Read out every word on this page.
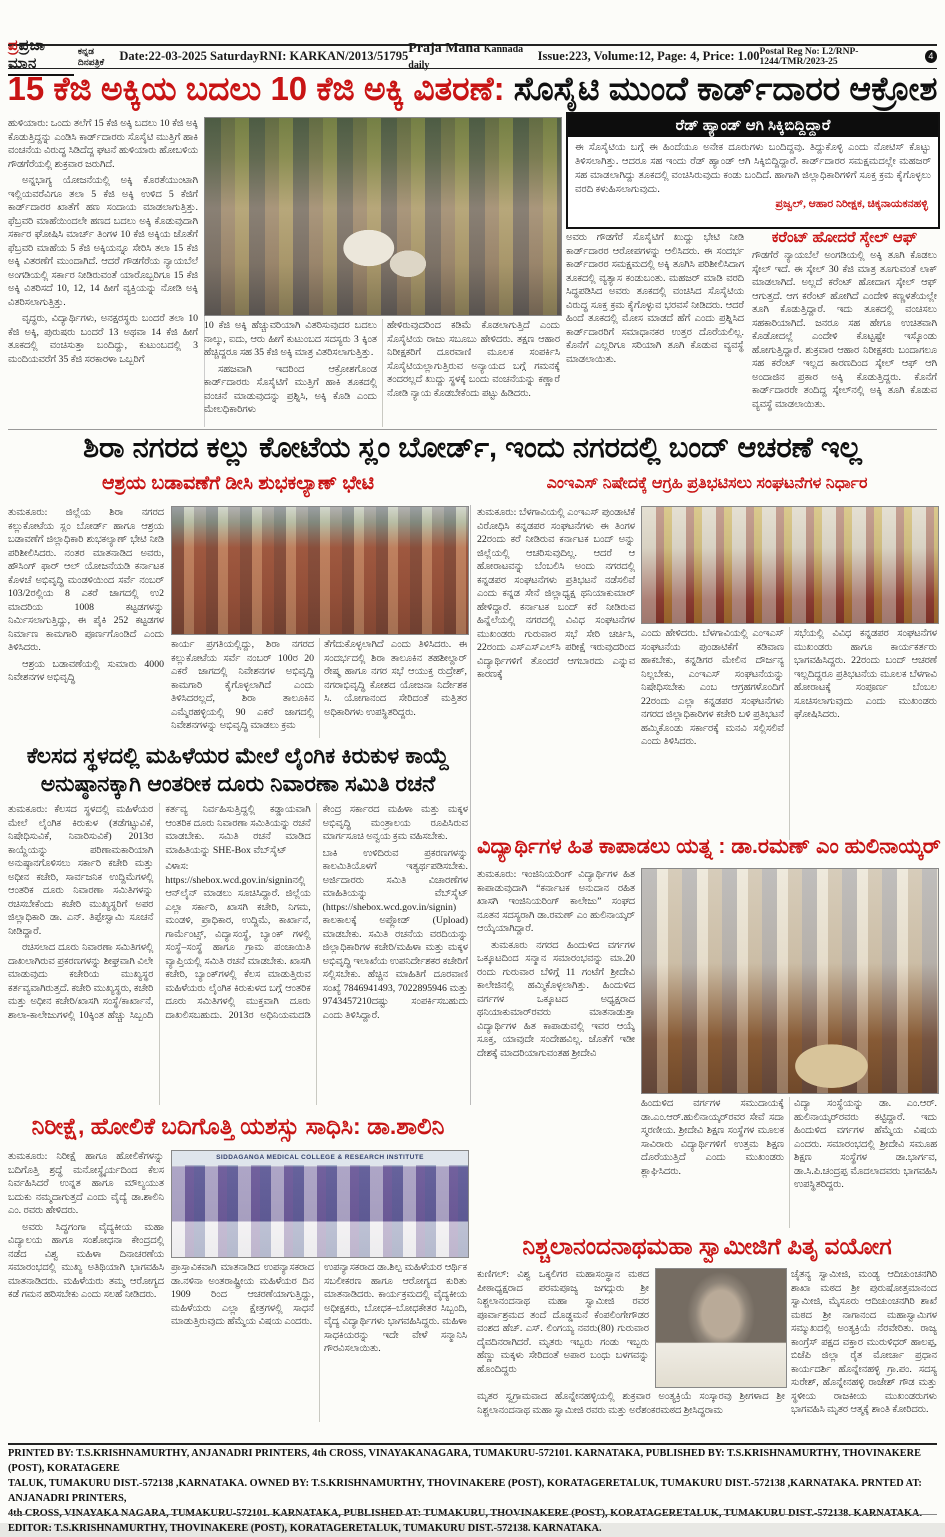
ಪ್ರಪ್ರಜಾ ಮಾನ
ಕನ್ನಡ ದಿನಪತ್ರಿಕೆ	Date:22-03-2025 Saturday RNI: KARKAN/2013/51795
Praja Mana Kannada daily
Issue:223, Volume:12, Page: 4, Price: 1.00 Postal Reg No: L2/RNP-1244/TMR/2023-25
4
15 ಕೆಜಿ ಅಕ್ಕಿಯ ಬದಲು 10 ಕೆಜಿ ಅಕ್ಕಿ ವಿತರಣೆ: ಸೊಸೈಟಿ ಮುಂದೆ ಕಾರ್ಡ್‌ದಾರರ ಆಕ್ರೋಶ

ಹುಳಿಯಾರು: ಒಂದು ತಲೆಗೆ 15 ಕೆಜಿ ಅಕ್ಕಿ ಬದಲು 10 ಕೆಜಿ ಅಕ್ಕಿ ಕೊಡುತ್ತಿದ್ದನ್ನು ಎಂಡಿಸಿ ಕಾರ್ಡ್‌ದಾರರು ಸೊಸೈಟಿ ಮುತ್ತಿಗೆ ಹಾಕಿ ವಂಚನೆಯ ವಿರುದ್ಧ ಸಿಡಿದೆದ್ದ ಘಟನೆ ಹುಳಿಯಾರು ಹೋಬಳಿಯ ಗೌಡಗೆರೆಯಲ್ಲಿ ಶುಕ್ರವಾರ ಜರುಗಿದೆ.

ಅನ್ನಭಾಗ್ಯ ಯೋಜನೆಯಲ್ಲಿ ಅಕ್ಕಿ ಕೊರತೆಯುಂಟಾಗಿ ಇಲ್ಲಿಯವರೆವಿಗೂ ತಲಾ 5 ಕೆಜಿ ಅಕ್ಕಿ ಉಳಿದ 5 ಕೆಜಿಗೆ ಕಾರ್ಡ್‌ದಾರರ ಖಾತೆಗೆ ಹಣ ಸಂದಾಯ ಮಾಡಲಾಗುತ್ತಿತ್ತು. ಫೆಬ್ರವರಿ ಮಾಹೆಯಿಂದಲೇ ಹಣದ ಬದಲು ಅಕ್ಕಿ ಕೊಡುವುದಾಗಿ ಸರ್ಕಾರ ಘೋಷಿಸಿ ಮಾರ್ಚ್ ತಿಂಗಳ 10 ಕೆಜಿ ಅಕ್ಕಿಯ ಜೊತೆಗೆ ಫೆಬ್ರವರಿ ಮಾಹೆಯ 5 ಕೆಜಿ ಅಕ್ಕಿಯನ್ನೂ ಸೇರಿಸಿ ತಲಾ 15 ಕೆಜಿ ಅಕ್ಕಿ ವಿತರಣೆಗೆ ಮುಂದಾಗಿದೆ. ಆದರೆ ಗೌಡಗೆರೆಯ ನ್ಯಾಯಬೆಲೆ ಅಂಗಡಿಯಲ್ಲಿ ಸರ್ಕಾರ ನೀಡಿರುವಂತೆ ಯಾರೊಬ್ಬರಿಗೂ 15 ಕೆಜಿ ಅಕ್ಕಿ ವಿತರಿಸದೆ 10, 12, 14 ಹೀಗೆ ವ್ಯಕ್ತಿಯನ್ನು ನೋಡಿ ಅಕ್ಕಿ ವಿತರಿಸಲಾಗುತ್ತಿತ್ತು.

ವೃದ್ಧರು, ವಿದ್ಯಾರ್ಥಿಗಳು, ಅನಕ್ಷರಸ್ಥರು ಬಂದರೆ ತಲಾ 10 ಕೆಜಿ ಅಕ್ಕಿ, ಪುರುಷರು ಬಂದರೆ 13 ಅಥವಾ 14 ಕೆಜಿ ಹೀಗೆ ತೂಕದಲ್ಲಿ ವಂಚಿಸುತ್ತಾ ಬಂದಿದ್ದು, ಕುಟುಂಬದಲ್ಲಿ 3 ಮಂದಿಯವರೆಗೆ 35 ಕೆಜಿ ಸರಕಾರಳಾ ಒಬ್ಬರಿಗೆ

10 ಕೆಜಿ ಅಕ್ಕಿ ಹೆಚ್ಚುವರಿಯಾಗಿ ವಿತರಿಸುವುದರ ಬದಲು ನಾಲ್ಕು, ಐದು, ಆರು ಹೀಗೆ ಕುಟುಂಬದ ಸದಸ್ಯರು 3 ಕ್ಕಿಂತ ಹೆಚ್ಚಿದ್ದರೂ ಸಹ 35 ಕೆಜಿ ಅಕ್ಕಿ ಮಾತ್ರ ವಿತರಿಸಲಾಗುತ್ತಿತ್ತು.

ಸಹಜವಾಗಿ ಇದರಿಂದ ಆಕ್ರೋಶಗೊಂಡ ಕಾರ್ಡ್‌ದಾರರು ಸೊಸೈಟಿಗೆ ಮುತ್ತಿಗೆ ಹಾಕಿ ತೂಕದಲ್ಲಿ ವಂಚನೆ ಮಾಡುವುದನ್ನು ಪ್ರಶ್ನಿಸಿ, ಅಕ್ಕಿ ಕೊಡಿ ಎಂದು ಮೇಲಧಿಕಾರಿಗಳು

ಹೇಳಿರುವುದರಿಂದ ಕಡಿಮೆ ಕೊಡಲಾಗುತ್ತಿದೆ ಎಂದು ಸೊಸೈಟಿಯ ರಾಜು ಸಬೂಬು ಹೇಳಿದರು. ತಕ್ಷಣ ಆಹಾರ ನಿರೀಕ್ಷಕರಿಗೆ ದೂರವಾಣಿ ಮೂಲಕ ಸಂಪರ್ಕಿಸಿ ಸೊಸೈಟಿಯಲ್ಲಾಗುತ್ತಿರುವ ಅನ್ಯಾಯದ ಬಗ್ಗೆ ಗಮನಕ್ಕೆ ತಂದರಲ್ಲದೆ ಖುದ್ದು ಸ್ಥಳಕ್ಕೆ ಬಂದು ವಂಚನೆಯನ್ನು ಕಣ್ಣಾರೆ ನೋಡಿ ನ್ಯಾಯ ಕೊಡಬೇಕೆಂದು ಪಟ್ಟು ಹಿಡಿದರು.

ರೆಡ್ ಹ್ಯಾಂಡ್ ಆಗಿ ಸಿಕ್ಕಿಬಿದ್ದಿದ್ದಾರೆ
ಈ ಸೊಸೈಟಿಯ ಬಗ್ಗೆ ಈ ಹಿಂದೆಯೂ ಅನೇಕ ದೂರುಗಳು ಬಂದಿದ್ದವು. ತಿದ್ದುಕೊಳ್ಳಿ ಎಂದು ನೋಟಿಸ್ ಕೊಟ್ಟು ತಿಳಿಸಲಾಗಿತ್ತು. ಆದರೂ ಸಹ ಇಂದು ರೆಡ್ ಹ್ಯಾಂಡ್ ಆಗಿ ಸಿಕ್ಕಿಬಿದ್ದಿದ್ದಾರೆ. ಕಾರ್ಡ್‌ದಾರರ ಸಮಕ್ಷಮದಲ್ಲೇ ಮಹಜರ್ ಸಹ ಮಾಡಲಾಗಿದ್ದು ತೂಕದಲ್ಲಿ ವಂಚಿಸಿರುವುದು ಕಂಡು ಬಂದಿದೆ. ಹಾಗಾಗಿ ಜಿಲ್ಲಾಧಿಕಾರಿಗಳಿಗೆ ಸೂಕ್ತ ಕ್ರಮ ಕೈಗೊಳ್ಳಲು ವರದಿ ಕಳುಹಿಸಲಾಗುವುದು.
ಪ್ರಜ್ವಲ್, ಆಹಾರ ನಿರೀಕ್ಷಕ, ಚಿಕ್ಕನಾಯಕನಹಳ್ಳಿ

ಅವರು ಗೌಡಗೆರೆ ಸೊಸೈಟಿಗೆ ಖುದ್ದು ಭೇಟಿ ನೀಡಿ ಕಾರ್ಡ್‌ದಾರರ ಆರೋಪಗಳನ್ನು ಆಲಿಸಿದರು. ಈ ಸಂದರ್ಭ ಕಾರ್ಡ್‌ದಾರರ ಸಮಕ್ಷಮದಲ್ಲಿ ಅಕ್ಕಿ ತೂಗಿಸಿ ಪರಿಶೀಲಿಸಿದಾಗ ತೂಕದಲ್ಲಿ ವ್ಯತ್ಯಾಸ ಕಂಡುಬಂತು. ಮಹಜರ್ ಮಾಡಿ ವರದಿ ಸಿದ್ಧಪಡಿಸಿದ ಅವರು ತೂಕದಲ್ಲಿ ವಂಚಿಸಿದ ಸೊಸೈಟಿಯ ವಿರುದ್ಧ ಸೂಕ್ತ ಕ್ರಮ ಕೈಗೊಳ್ಳುವ ಭರವಸೆ ನೀಡಿದರು. ಆದರೆ ಹಿಂದೆ ತೂಕದಲ್ಲಿ ಮೋಸ ಮಾಡದೆ ಹೆಗೆ ಎಂದು ಪ್ರಶ್ನಿಸಿದ ಕಾರ್ಡ್‌ದಾರರಿಗೆ ಸಮಾಧಾನಕರ ಉತ್ತರ ದೊರೆಯಲಿಲ್ಲ. ಕೊನೆಗೆ ಎಲ್ಲರಿಗೂ ಸರಿಯಾಗಿ ತೂಗಿ ಕೊಡುವ ವ್ಯವಸ್ಥೆ ಮಾಡಲಾಯಿತು.

ಕರೆಂಟ್ ಹೋದರೆ ಸ್ಕೇಲ್ ಆಫ್

ಗೌಡಗೆರೆ ನ್ಯಾಯಬೆಲೆ ಅಂಗಡಿಯಲ್ಲಿ ಅಕ್ಕಿ ತೂಗಿ ಕೊಡಲು ಸ್ಕೇಲ್ ಇದೆ. ಈ ಸ್ಕೇಲ್ 30 ಕೆಜಿ ಮಾತ್ರ ತೂಗುವಂತೆ ಲಾಕ್ ಮಾಡಲಾಗಿದೆ. ಅಲ್ಲದೆ ಕರೆಂಟ್ ಹೋದಾಗ ಸ್ಕೇಲ್ ಆಫ್ ಆಗುತ್ತದೆ. ಆಗ ಕರೆಂಟ್ ಹೋಗಿದೆ ಎಂದೇಳಿ ಕಣ್ಣಳತೆಯಲ್ಲೇ ತೂಗಿ ಕೊಡುತ್ತಿದ್ದಾರೆ. ಇದು ತೂಕದಲ್ಲಿ ವಂಚಿಸಲು ಸಹಕಾರಿಯಾಗಿದೆ. ಜನರೂ ಸಹ ಹೇಗೂ ಉಚಿತವಾಗಿ ಕೊಡೋದಲ್ಲೆ ಎಂದೇಳಿ ಕೊಟ್ಟಷ್ಟೇ ಇಸ್ಕೊಂಡು ಹೋಗುತ್ತಿದ್ದಾರೆ. ಶುಕ್ರವಾರ ಆಹಾರ ನಿರೀಕ್ಷಕರು ಬಂದಾಗಲೂ ಸಹ ಕರೆಂಟ್ ಇಲ್ಲದ ಕಾರಣದಿಂದ ಸ್ಕೇಲ್ ಆಫ್ ಆಗಿ ಅಂದಾಜಿನ ಪ್ರಕಾರ ಅಕ್ಕಿ ಕೊಡುತ್ತಿದ್ದರು. ಕೊನೆಗೆ ಕಾರ್ಡ್‌ದಾರರೇ ತಂದಿದ್ದ ಸ್ಕೇಲ್‌ನಲ್ಲಿ ಅಕ್ಕಿ ತೂಗಿ ಕೊಡುವ ವ್ಯವಸ್ಥೆ ಮಾಡಲಾಯಿತು.

ಶಿರಾ ನಗರದ ಕಲ್ಲು ಕೋಟೆಯ ಸ್ಲಂ ಬೋರ್ಡ್, ಇಂದು ನಗರದಲ್ಲಿ ಬಂದ್ ಆಚರಣೆ ಇಲ್ಲ
ಆಶ್ರಯ ಬಡಾವಣೆಗೆ ಡೀಸಿ ಶುಭಕಲ್ಯಾಣ್ ಭೇಟಿ	ಎಂಇಎಸ್ ನಿಷೇದಕ್ಕೆ ಆಗ್ರಹಿ ಪ್ರತಿಭಟಿಸಲು ಸಂಘಟನೆಗಳ ನಿರ್ಧಾರ

ತುಮಕೂರು: ಜಿಲ್ಲೆಯ ಶಿರಾ ನಗರದ ಕಲ್ಲುಕೋಟೆಯ ಸ್ಲಂ ಬೋರ್ಡ್ ಹಾಗೂ ಆಶ್ರಯ ಬಡಾವಣೆಗೆ ಜಿಲ್ಲಾಧಿಕಾರಿ ಶುಭಕಲ್ಯಾಣ್ ಭೇಟಿ ನೀಡಿ ಪರಿಶೀಲಿಸಿದರು. ನಂತರ ಮಾತನಾಡಿದ ಅವರು, ಹೌಸಿಂಗ್ ಫಾರ್ ಆಲ್ ಯೋಜನೆಯಡಿ ಕರ್ನಾಟಕ ಕೊಳಚೆ ಅಭಿವೃದ್ಧಿ ಮಂಡಳಿಯಿಂದ ಸರ್ವೆ ನಂಬರ್ 103/2ರಲ್ಲಿಯ 8 ಎಕರೆ ಜಾಗದಲ್ಲಿ ಉ2 ಮಾದರಿಯ 1008 ಕಟ್ಟಡಗಳನ್ನು ನಿರ್ಮಿಸಲಾಗುತ್ತಿದ್ದು, ಈ ಪೈಕಿ 252 ಕಟ್ಟಡಗಳ ನಿರ್ಮಾಣ ಕಾಮಗಾರಿ ಪೂರ್ಣಗೊಂಡಿದೆ ಎಂದು ತಿಳಿಸಿದರು.

ಆಶ್ರಯ ಬಡಾವಣೆಯಲ್ಲಿ ಸುಮಾರು 4000 ನಿವೇಶನಗಳ ಅಭಿವೃದ್ಧಿ

ಕಾರ್ಯ ಪ್ರಗತಿಯಲ್ಲಿದ್ದು, ಶಿರಾ ನಗರದ ಕಲ್ಲುಕೋಟೆಯ ಸರ್ವೆ ನಂಬರ್ 100ರ 20 ಎಕರೆ ಜಾಗದಲ್ಲಿ ನಿವೇಶನಗಳ ಅಭಿವೃದ್ಧಿ ಕಾಮಗಾರಿ ಕೈಗೊಳ್ಳಲಾಗಿದೆ ಎಂದು ತಿಳಿಸಿದರಲ್ಲದೆ, ಶಿರಾ ತಾಲೂಕಿನ ಎಮ್ಮೆರಹಳ್ಳಿಯಲ್ಲಿ 90 ಎಕರೆ ಜಾಗದಲ್ಲಿ ನಿವೇಶನಗಳನ್ನು ಅಭಿವೃದ್ಧಿ ಮಾಡಲು ಕ್ರಮ

ತೆಗೆದುಕೊಳ್ಳಲಾಗಿದೆ ಎಂದು ತಿಳಿಸಿದರು. ಈ ಸಂದರ್ಭದಲ್ಲಿ ಶಿರಾ ತಾಲೂಕಿನ ತಹಶೀಲ್ದಾರ್ ರೇಷ್ಮ ಹಾಗೂ ನಗರ ಸಭೆ ಆಯುಕ್ತ ರುದ್ರೇಶ್, ನಗರಾಭಿವೃದ್ಧಿ ಕೋಶದ ಯೋಜನಾ ನಿರ್ದೇಶಕ ಸಿ. ಯೋಗಾನಂದ ಸೇರಿದಂತೆ ಮತ್ತಿತರ ಅಧಿಕಾರಿಗಳು ಉಪಸ್ಥಿತರಿದ್ದರು.

ತುಮಕೂರು: ಬೆಳಗಾವಿಯಲ್ಲಿ ಎಂಇಎಸ್ ಪುಂಡಾಟಿಕೆ ವಿರೋಧಿಸಿ ಕನ್ನಡಪರ ಸಂಘಟನೆಗಳು ಈ ತಿಂಗಳ 22ರಂದು ಕರೆ ನೀಡಿರುವ ಕರ್ನಾಟಕ ಬಂದ್ ಅನ್ನು ಜಿಲ್ಲೆಯಲ್ಲಿ ಆಚರಿಸುವುದಿಲ್ಲ. ಆದರೆ ಆ ಹೋರಾಟವನ್ನು ಬೆಂಬಲಿಸಿ ಅಂದು ನಗರದಲ್ಲಿ ಕನ್ನಡಪರ ಸಂಘಟನೆಗಳು ಪ್ರತಿಭಟನೆ ನಡೆಸಲಿವೆ ಎಂದು ಕನ್ನಡ ಸೇನೆ ಜಿಲ್ಲಾಧ್ಯಕ್ಷ ಥನಿಯಾಕುಮಾರ್ ಹೇಳಿದ್ದಾರೆ. ಕರ್ನಾಟಕ ಬಂದ್ ಕರೆ ನೀಡಿರುವ ಹಿನ್ನೆಲೆಯಲ್ಲಿ ನಗರದಲ್ಲಿ ವಿವಿಧ ಸಂಘಟನೆಗಳ ಮುಖಂಡರು ಗುರುವಾರ ಸಭೆ ಸೇರಿ ಚರ್ಚಿಸಿ, 22ರಂದು ಎಸ್‌ಎಸ್‌ಎಲ್‌ಸಿ ಪರೀಕ್ಷೆ ಇರುವುದರಿಂದ ವಿದ್ಯಾರ್ಥಿಗಳಿಗೆ ತೊಂದರೆ ಆಗಬಾರದು ಎನ್ನುವ ಕಾರಣಕ್ಕೆ

ಎಂದು ಹೇಳಿದರು. ಬೆಳಗಾವಿಯಲ್ಲಿ ಎಂಇಎಸ್ ಸಂಘಟನೆಯ ಪುಂಡಾಟಿಕೆಗೆ ಕಡಿವಾಣ ಹಾಕಬೇಕು, ಕನ್ನಡಿಗರ ಮೇಲಿನ ದೌರ್ಜನ್ಯ ನಿಲ್ಲಬೇಕು, ಎಂಇಎಸ್ ಸಂಘಟನೆಯನ್ನು ನಿಷೇಧಿಸಬೇಕು ಎಂಬ ಆಗ್ರಹಗಳೊಂದಿಗೆ 22ರಂದು ಎಲ್ಲಾ ಕನ್ನಡಪರ ಸಂಘಟನೆಗಳು ನಗರದ ಜಿಲ್ಲಾಧಿಕಾರಿಗಳ ಕಚೇರಿ ಬಳಿ ಪ್ರತಿಭಟನೆ ಹಮ್ಮಿಕೊಂಡು ಸರ್ಕಾರಕ್ಕೆ ಮನವಿ ಸಲ್ಲಿಸಲಿವೆ ಎಂದು ತಿಳಿಸಿದರು.

ಸಭೆಯಲ್ಲಿ ವಿವಿಧ ಕನ್ನಡಪರ ಸಂಘಟನೆಗಳ ಮುಖಂಡರು ಹಾಗೂ ಕಾರ್ಯಕರ್ತರು ಭಾಗವಹಿಸಿದ್ದರು. 22ರಂದು ಬಂದ್ ಆಚರಣೆ ಇಲ್ಲದಿದ್ದರೂ ಪ್ರತಿಭಟನೆಯ ಮೂಲಕ ಬೆಳಗಾವಿ ಹೋರಾಟಕ್ಕೆ ಸಂಪೂರ್ಣ ಬೆಂಬಲ ಸೂಚಿಸಲಾಗುವುದು ಎಂದು ಮುಖಂಡರು ಘೋಷಿಸಿದರು.

ಕೆಲಸದ ಸ್ಥಳದಲ್ಲಿ ಮಹಿಳೆಯರ ಮೇಲೆ ಲೈಂಗಿಕ ಕಿರುಕುಳ ಕಾಯ್ದೆ
ಅನುಷ್ಠಾನಕ್ಕಾಗಿ ಆಂತರೀಕ ದೂರು ನಿವಾರಣಾ ಸಮಿತಿ ರಚನೆ

ತುಮಕೂರು: ಕೆಲಸದ ಸ್ಥಳದಲ್ಲಿ ಮಹಿಳೆಯರ ಮೇಲೆ ಲೈಂಗಿಕ ಕಿರುಕುಳ (ತಡೆಗಟ್ಟುವಿಕೆ, ನಿಷೇಧಿಸುವಿಕೆ, ನಿವಾರಿಸುವಿಕೆ) 2013ರ ಕಾಯ್ದೆಯನ್ನು ಪರಿಣಾಮಕಾರಿಯಾಗಿ ಅನುಷ್ಠಾನಗೊಳಿಸಲು ಸರ್ಕಾರಿ ಕಚೇರಿ ಮತ್ತು ಅಧೀನ ಕಚೇರಿ, ಸಾರ್ವಜನಿಕ ಉದ್ದಿಮೆಗಳಲ್ಲಿ ಆಂತರಿಕ ದೂರು ನಿವಾರಣಾ ಸಮಿತಿಗಳನ್ನು ರಚಿಸಬೇಕೆಂದು ಕಚೇರಿ ಮುಖ್ಯಸ್ಥರಿಗೆ ಅಪರ ಜಿಲ್ಲಾಧಿಕಾರಿ ಡಾ. ಎನ್. ತಿಪ್ಪೇಸ್ವಾಮಿ ಸೂಚನೆ ನೀಡಿದ್ದಾರೆ.

ರಚಿಸಲಾದ ದೂರು ನಿವಾರಣಾ ಸಮಿತಿಗಳಲ್ಲಿ ದಾಖಲಾಗಿರುವ ಪ್ರಕರಣಗಳನ್ನು ಶೀಘ್ರವಾಗಿ ವಿಲೇ ಮಾಡುವುದು ಕಚೇರಿಯ ಮುಖ್ಯಸ್ಥರ ಕರ್ತವ್ಯವಾಗಿರುತ್ತದೆ. ಕಚೇರಿ ಮುಖ್ಯಸ್ಥರು, ಕಚೇರಿ ಮತ್ತು ಅಧೀನ ಕಚೇರಿ/ಖಾಸಗಿ ಸಂಸ್ಥೆ/ಕಾರ್ಖಾನೆ, ಶಾಲಾ-ಕಾಲೇಜುಗಳಲ್ಲಿ 10ಕ್ಕಿಂತ ಹೆಚ್ಚು ಸಿಬ್ಬಂದಿ ಕರ್ತವ್ಯ ನಿರ್ವಹಿಸುತ್ತಿದ್ದಲ್ಲಿ ಕಡ್ಡಾಯವಾಗಿ ಆಂತರಿಕ ದೂರು ನಿವಾರಣಾ ಸಮಿತಿಯನ್ನು ರಚನೆ ಮಾಡಬೇಕು. ಸಮಿತಿ ರಚನೆ ಮಾಡಿದ ಮಾಹಿತಿಯನ್ನು SHE-Box ವೆಬ್‌ಸೈಟ್

ವಿಳಾಸ: https://shebox.wcd.gov.in/signinನಲ್ಲಿ ಆನ್‌ಲೈನ್ ಮಾಡಲು ಸೂಚಿಸಿದ್ದಾರೆ. ಜಿಲ್ಲೆಯ ಎಲ್ಲಾ ಸರ್ಕಾರಿ, ಖಾಸಗಿ ಕಚೇರಿ, ನಿಗಮ, ಮಂಡಳಿ, ಪ್ರಾಧಿಕಾರ, ಉದ್ದಿಮೆ, ಕಾರ್ಖಾನೆ, ಗಾರ್ಮೆಂಟ್ಸ್, ವಿದ್ಯಾಸಂಸ್ಥೆ, ಬ್ಯಾಂಕ್ ಗಳಲ್ಲಿ ಸಂಸ್ಥೆ–ಸಂಸ್ಥೆ ಹಾಗೂ ಗ್ರಾಮ ಪಂಚಾಯಿತಿ ವ್ಯಾಪ್ತಿಯಲ್ಲಿ ಸಮಿತಿ ರಚನೆ ಮಾಡಬೇಕು. ಖಾಸಗಿ ಕಚೇರಿ, ಬ್ಯಾಂಕ್‌ಗಳಲ್ಲಿ ಕೆಲಸ ಮಾಡುತ್ತಿರುವ ಮಹಿಳೆಯರು ಲೈಂಗಿಕ ಕಿರುಕುಳದ ಬಗ್ಗೆ ಆಂತರಿಕ ದೂರು ಸಮಿತಿಗಳಲ್ಲಿ ಮುಕ್ತವಾಗಿ ದೂರು ದಾಖಲಿಸಬಹುದು. 2013ರ ಅಧಿನಿಯಮದಡಿ ಕೇಂದ್ರ ಸರ್ಕಾರದ ಮಹಿಳಾ ಮತ್ತು ಮಕ್ಕಳ ಅಭಿವೃದ್ಧಿ ಮಂತ್ರಾಲಯ ರೂಪಿಸಿರುವ ಮಾರ್ಗಸೂಚಿ ಅನ್ವಯ ಕ್ರಮ ವಹಿಸಬೇಕು.

ಬಾಕಿ ಉಳಿದಿರುವ ಪ್ರಕರಣಗಳನ್ನು ಕಾಲಮಿತಿಯೊಳಗೆ ಇತ್ಯರ್ಥಪಡಿಸಬೇಕು. ಅರ್ಜಿದಾರರು ಸಮಿತಿ ವಿಚಾರಣೆಗಳ ಮಾಹಿತಿಯನ್ನು ವೆಬ್‌ಸೈಟ್ (https://shebox.wcd.gov.in/signin) ಕಾಲಕಾಲಕ್ಕೆ ಅಪ್ಲೋಡ್ (Upload) ಮಾಡಬೇಕು. ಸಮಿತಿ ರಚನೆಯ ವರದಿಯನ್ನು ಜಿಲ್ಲಾಧಿಕಾರಿಗಳ ಕಚೇರಿ/ಮಹಿಳಾ ಮತ್ತು ಮಕ್ಕಳ ಅಭಿವೃದ್ಧಿ ಇಲಾಖೆಯ ಉಪನಿರ್ದೇಶಕರ ಕಚೇರಿಗೆ ಸಲ್ಲಿಸಬೇಕು. ಹೆಚ್ಚಿನ ಮಾಹಿತಿಗೆ ದೂರವಾಣಿ ಸಂಖ್ಯೆ 7846941493, 7022895946 ಮತ್ತು 9743457210ದಷ್ಟು ಸಂಪರ್ಕಿಸಬಹುದು ಎಂದು ತಿಳಿಸಿದ್ದಾರೆ.

ವಿದ್ಯಾರ್ಥಿಗಳ ಹಿತ ಕಾಪಾಡಲು ಯತ್ನ : ಡಾ.ರಮಣ್ ಎಂ ಹುಲಿನಾಯ್ಕರ್

ತುಮಕೂರು: ಇಂಜಿನಿಯರಿಂಗ್ ವಿದ್ಯಾರ್ಥಿಗಳ ಹಿತ ಕಾಪಾಡುವುದಾಗಿ “ಕರ್ನಾಟಕ ಅನುದಾನ ರಹಿತ ಖಾಸಗಿ ಇಂಜಿನಿಯರಿಂಗ್ ಕಾಲೇಜು” ಸಂಘದ ನೂತನ ಸದಸ್ಯರಾಗಿ ಡಾ.ರಮಣ್ ಎಂ ಹುಲಿನಾಯ್ಕರ್ ಆಯ್ಕೆಯಾಗಿದ್ದಾರೆ.

ತುಮಕೂರು ನಗರದ ಹಿಂದುಳಿದ ವರ್ಗಗಳ ಒಕ್ಕೂಟದಿಂದ ಸನ್ಮಾನ ಸಮಾರಂಭವನ್ನು ಮಾ.20 ರಂದು ಗುರುವಾರ ಬೆಳಿಗ್ಗೆ 11 ಗಂಟೆಗೆ ಶ್ರೀದೇವಿ ಕಾಲೇಜಿನಲ್ಲಿ ಹಮ್ಮಿಕೊಳ್ಳಲಾಗಿತ್ತು. ಹಿಂದುಳಿದ ವರ್ಗಗಳ ಒಕ್ಕೂಟದ ಅಧ್ಯಕ್ಷರಾದ ಥನಿಯಾಕುಮಾರ್‌ರವರು ಮಾತನಾಡುತ್ತಾ ವಿದ್ಯಾರ್ಥಿಗಳ ಹಿತ ಕಾಪಾಡುವಲ್ಲಿ ಇವರ ಆಯ್ಕೆ ಸೂಕ್ತ, ಯಾವುದೇ ಸಂದೇಹವಿಲ್ಲ. ಜೊತೆಗೆ ಇಡೀ ದೇಶಕ್ಕೆ ಮಾದರಿಯಾಗುವಂತಹ ಶ್ರೀದೇವಿ

ಹಿಂದುಳಿದ ವರ್ಗಗಳ ಸಮುದಾಯಕ್ಕೆ ಡಾ.ಎಂ.ಆರ್.ಹುಲಿನಾಯ್ಕರ್‌ರವರ ಸೇವೆ ಸದಾ ಸ್ಮರಣೀಯ. ಶ್ರೀದೇವಿ ಶಿಕ್ಷಣ ಸಂಸ್ಥೆಗಳ ಮೂಲಕ ಸಾವಿರಾರು ವಿದ್ಯಾರ್ಥಿಗಳಿಗೆ ಉತ್ತಮ ಶಿಕ್ಷಣ ದೊರೆಯುತ್ತಿದೆ ಎಂದು ಮುಖಂಡರು ಶ್ಲಾಘಿಸಿದರು.

ವಿದ್ಯಾ ಸಂಸ್ಥೆಯನ್ನು ಡಾ. ಎಂ.ಆರ್. ಹುಲಿನಾಯ್ಕರ್‌ರವರು ಕಟ್ಟಿದ್ದಾರೆ. ಇದು ಹಿಂದುಳಿದ ವರ್ಗಗಳ ಹೆಮ್ಮೆಯ ವಿಷಯ ಎಂದರು. ಸಮಾರಂಭದಲ್ಲಿ ಶ್ರೀದೇವಿ ಸಮೂಹ ಶಿಕ್ಷಣ ಸಂಸ್ಥೆಗಳ ಡಾ.ಭಾರ್ಗವ, ಡಾ.ಸಿ.ಪಿ.ಚಂದ್ರಪ್ಪ ಮೊದಲಾದವರು ಭಾಗವಹಿಸಿ ಉಪಸ್ಥಿತರಿದ್ದರು.

ನಿರೀಕ್ಷೆ, ಹೋಲಿಕೆ ಬದಿಗೊತ್ತಿ ಯಶಸ್ಸು ಸಾಧಿಸಿ: ಡಾ.ಶಾಲಿನಿ

ತುಮಕೂರು: ನಿರೀಕ್ಷೆ ಹಾಗೂ ಹೋಲಿಕೆಗಳನ್ನು ಬದಿಗೊತ್ತಿ ಶ್ರದ್ಧೆ ಮನೋಸ್ಥೈರ್ಯದಿಂದ ಕೆಲಸ ನಿರ್ವಹಿಸಿದರೆ ಉನ್ನತ ಹಾಗೂ ಮೌಲ್ಯಯುತ ಬದುಕು ನಮ್ಮದಾಗುತ್ತದೆ ಎಂದು ವೈದ್ಯೆ ಡಾ.ಶಾಲಿನಿ ಎಂ. ರವರು ಹೇಳಿದರು.

ಅವರು ಸಿದ್ಧಗಂಗಾ ವೈದ್ಯಕೀಯ ಮಹಾ ವಿದ್ಯಾಲಯ ಹಾಗೂ ಸಂಶೋಧನಾ ಕೇಂದ್ರದಲ್ಲಿ ನಡೆದ ವಿಶ್ವ ಮಹಿಳಾ ದಿನಾಚರಣೆಯ ಸಮಾರಂಭದಲ್ಲಿ ಮುಖ್ಯ ಅತಿಥಿಯಾಗಿ ಭಾಗವಹಿಸಿ ಮಾತನಾಡಿದರು. ಮಹಿಳೆಯರು ತಮ್ಮ ಆರೋಗ್ಯದ ಕಡೆ ಗಮನ ಹರಿಸಬೇಕು ಎಂದು ಸಲಹೆ ನೀಡಿದರು.

SIDDAGANGA MEDICAL COLLEGE & RESEARCH INSTITUTE

ಪ್ರಾಸ್ತಾವಿಕವಾಗಿ ಮಾತನಾಡಿದ ಉಪನ್ಯಾಸಕರಾದ ಡಾ.ನಳಿನಾ ಅಂತರಾಷ್ಟ್ರೀಯ ಮಹಿಳೆಯರ ದಿನ 1909 ರಿಂದ ಆಚರಣೆಯಾಗುತ್ತಿದ್ದು, ಮಹಿಳೆಯರು ಎಲ್ಲಾ ಕ್ಷೇತ್ರಗಳಲ್ಲಿ ಸಾಧನೆ ಮಾಡುತ್ತಿರುವುದು ಹೆಮ್ಮೆಯ ವಿಷಯ ಎಂದರು.

ಉಪನ್ಯಾಸಕರಾದ ಡಾ.ಶಿಲ್ಪ ಮಹಿಳೆಯರ ಆರ್ಥಿಕ ಸಬಲೀಕರಣ ಹಾಗೂ ಆರೋಗ್ಯದ ಕುರಿತು ಮಾತನಾಡಿದರು. ಕಾರ್ಯಕ್ರಮದಲ್ಲಿ ವೈದ್ಯಕೀಯ ಅಧೀಕ್ಷಕರು, ಬೋಧಕ–ಬೋಧಕೇತರ ಸಿಬ್ಬಂದಿ, ವೈದ್ಯ ವಿದ್ಯಾರ್ಥಿಗಳು ಭಾಗವಹಿಸಿದ್ದರು. ಮಹಿಳಾ ಸಾಧಕಿಯರನ್ನು ಇದೇ ವೇಳೆ ಸನ್ಮಾನಿಸಿ ಗೌರವಿಸಲಾಯಿತು.

ನಿಶ್ಚಲಾನಂದನಾಥಮಹಾ ಸ್ವಾಮೀಜಿಗೆ ಪಿತೃ ವಯೋಗ

ಕುಣಿಗಲ್: ವಿಶ್ವ ಒಕ್ಕಲಿಗರ ಮಹಾಸಂಸ್ಥಾನ ಮಠದ ಪೀಠಾಧ್ಯಕ್ಷರಾದ ಪರಮಪೂಜ್ಯ ಜಗದ್ಗುರು ಶ್ರೀ ನಿಶ್ಚಲಾನಂದನಾಥ ಮಹಾ ಸ್ವಾಮೀಜಿ ರವರ ಪೂರ್ವಾಶ್ರಮದ ತಂದೆ ದೊಡ್ಡಮನೆ ಕೆಂಪಲಿಂಗೇಗೌಡರ ವಂಶದ ಹೆಚ್. ಎಸ್. ಲಿಂಗಯ್ಯ ನವರು(80) ಗುರುವಾರ ದೈವದಿನರಾಗಿದರೆ. ಮೃತರು ಇಬ್ಬರು ಗಂಡು ಇಬ್ಬರು ಹೆಣ್ಣು ಮಕ್ಕಳು ಸೇರಿದಂತೆ ಅಪಾರ ಬಂಧು ಬಳಗವನ್ನು ಹೊಂದಿದ್ದರು

ಚೈತನ್ಯ ಸ್ವಾಮೀಜಿ, ಮಂಡ್ಯ ಆದಿಚುಂಚನಗಿರಿ ಶಾಖಾ ಮಠದ ಶ್ರೀ ಪುರುಷೋತ್ತಮಾನಂದ ಸ್ವಾಮೀಜಿ, ಮೈಸೂರು ಆದಿಚುಂಚನಗಿರಿ ಶಾಖೆ ಮಠದ ಶ್ರೀ ನಾಗಾನಂದ ಮಹಾಸ್ವಾಮಿಗಳ ಸಮ್ಮುಖದಲ್ಲಿ ಅಂತ್ಯಕ್ರಿಯೆ ನೆರವೇರಿತು. ರಾಜ್ಯ ಕಾಂಗ್ರೆಸ್ ಪಕ್ಷದ ವಕ್ತಾರ ಮುರುಳಿಧರ್ ಹಾಲಪ್ಪ, ಬಿಜೆಪಿ ಜಿಲ್ಲಾ ರೈತ ಮೋರ್ಚಾ ಪ್ರಧಾನ ಕಾರ್ಯದರ್ಶಿ ಹೊನ್ನೇನಹಳ್ಳಿ ಗ್ರಾ.ಪಂ. ಸದಸ್ಯ ಸುರೇಶ್, ಹೊನ್ನೇನಹಳ್ಳಿ ರಾಜೇಶ್ ಗೌಡ ಮತ್ತು ಸ್ಥಳೀಯ ರಾಜಕೀಯ ಮುಖಂಡರುಗಳು ಭಾಗವಹಿಸಿ ಮೃತರ ಆತ್ಮಕ್ಕೆ ಶಾಂತಿ ಕೋರಿದರು.

ಮೃತರ ಸ್ವಗ್ರಾಮವಾದ ಹೊನ್ನೇನಹಳ್ಳಿಯಲ್ಲಿ ಶುಕ್ರವಾರ ಅಂತ್ಯಕ್ರಿಯೆ ಸಂಸ್ಕಾರವು ಶ್ರೀಗಳಾದ ಶ್ರೀ ನಿಶ್ಚಲಾನಂದನಾಥ ಮಹಾ ಸ್ವಾಮೀಜಿ ರವರು ಮತ್ತು ಅರೆಶಂಕರಮಠದ ಶ್ರೀಸಿದ್ಧರಾಮ

PRINTED BY: T.S.KRISHNAMURTHY, ANJANADRI PRINTERS, 4th CROSS, VINAYAKANAGARA, TUMAKURU-572101. KARNATAKA, PUBLISHED BY: T.S.KRISHNAMURTHY, THOVINAKERE (POST), KORATAGERE
TALUK, TUMAKURU DIST.-572138 ,KARNATAKA. OWNED BY: T.S.KRISHNAMURTHY, THOVINAKERE (POST), KORATAGERETALUK, TUMAKURU DIST.-572138 ,KARNATAKA. PRNTED AT: ANJANADRI PRINTERS,
EDITOR: T.S.KRISHNAMURTHY, THOVINAKERE (POST), KORATAGERETALUK, TUMAKURU DIST.-572138. KARNATAKA.
